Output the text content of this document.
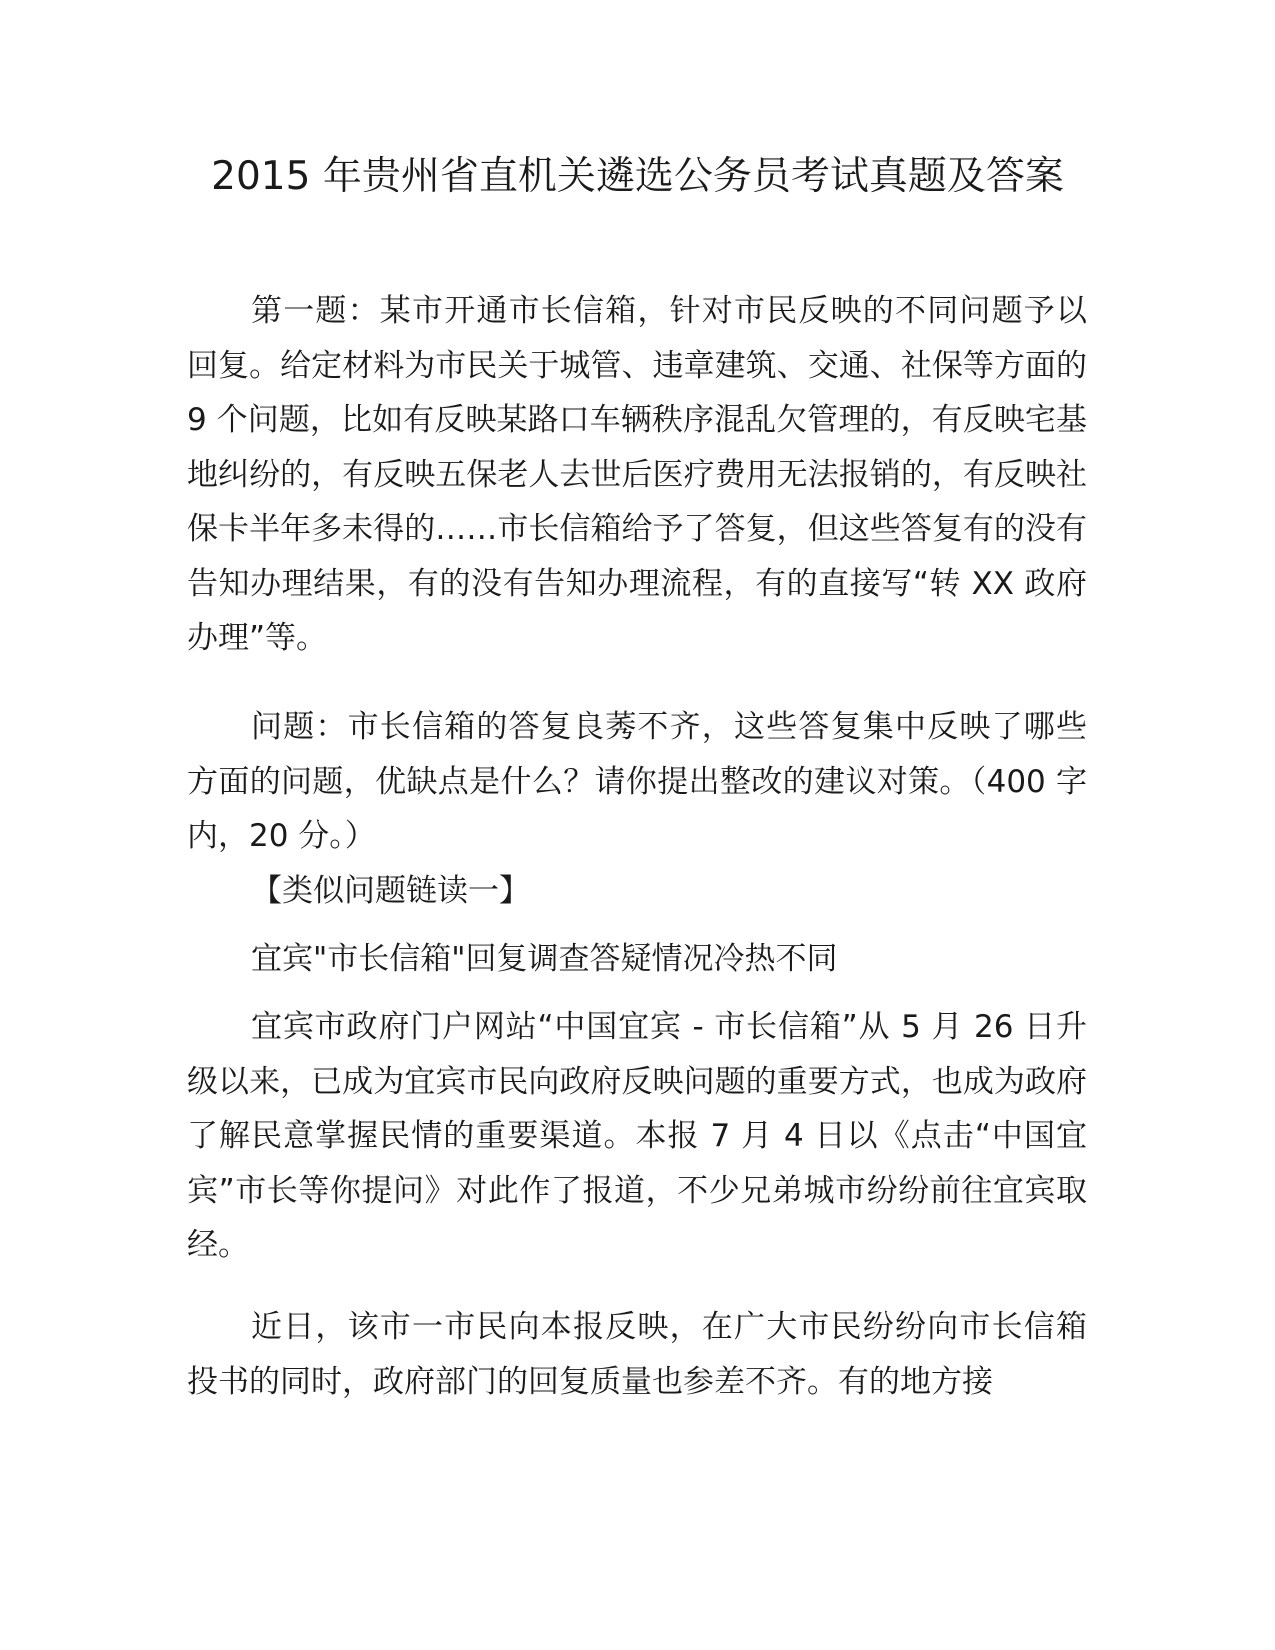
2015 年贵州省直机关遴选公务员考试真题及答案

第一题：某市开通市长信箱，针对市民反映的不同问题予以回复。给定材料为市民关于城管、违章建筑、交通、社保等方面的 9 个问题，比如有反映某路口车辆秩序混乱欠管理的，有反映宅基地纠纷的，有反映五保老人去世后医疗费用无法报销的，有反映社保卡半年多未得的……市长信箱给予了答复，但这些答复有的没有告知办理结果，有的没有告知办理流程，有的直接写“转 XX 政府办理”等。

问题：市长信箱的答复良莠不齐，这些答复集中反映了哪些方面的问题，优缺点是什么？请你提出整改的建议对策。（400 字内，20 分。）

【类似问题链读一】

宜宾"市长信箱"回复调查答疑情况冷热不同

宜宾市政府门户网站“中国宜宾 - 市长信箱”从 5 月 26 日升级以来，已成为宜宾市民向政府反映问题的重要方式，也成为政府了解民意掌握民情的重要渠道。本报 7 月 4 日以《点击“中国宜宾”市长等你提问》对此作了报道，不少兄弟城市纷纷前往宜宾取经。

近日，该市一市民向本报反映，在广大市民纷纷向市长信箱投书的同时，政府部门的回复质量也参差不齐。有的地方接
